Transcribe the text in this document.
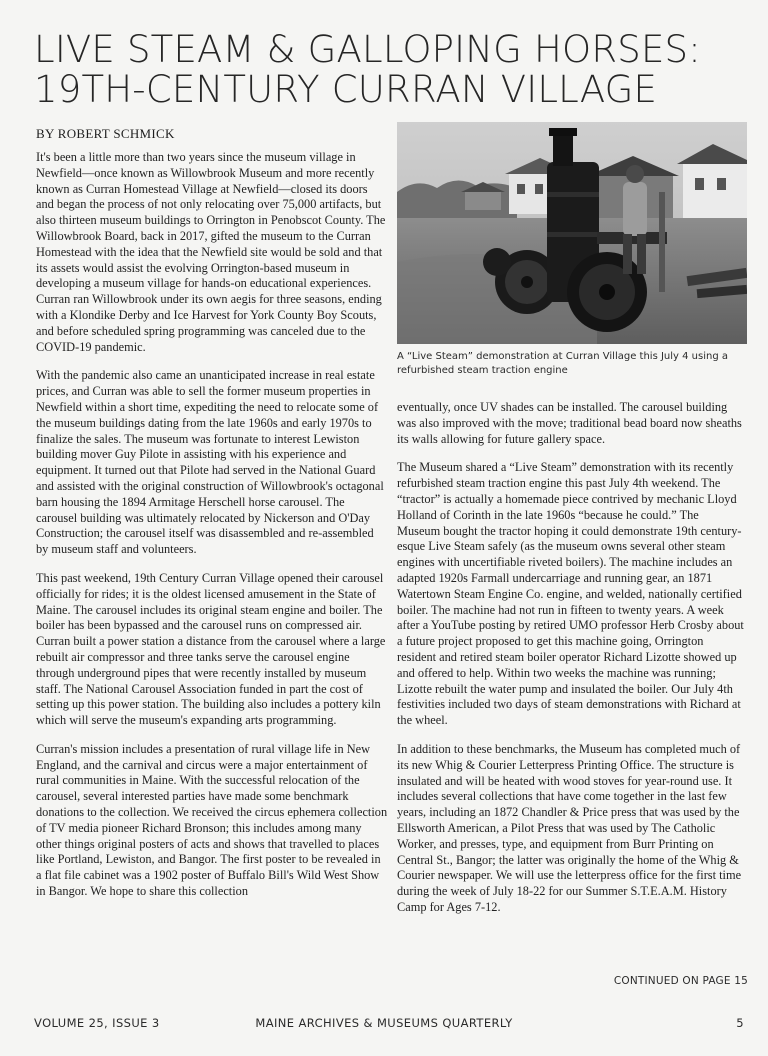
LIVE STEAM & GALLOPING HORSES:
19TH-CENTURY CURRAN VILLAGE
BY ROBERT SCHMICK

It's been a little more than two years since the museum village in Newfield—once known as Willowbrook Museum and more recently known as Curran Homestead Village at Newfield—closed its doors and began the process of not only relocating over 75,000 artifacts, but also thirteen museum buildings to Orrington in Penobscot County. The Willowbrook Board, back in 2017, gifted the museum to the Curran Homestead with the idea that the Newfield site would be sold and that its assets would assist the evolving Orrington-based museum in developing a museum village for hands-on educational experiences. Curran ran Willowbrook under its own aegis for three seasons, ending with a Klondike Derby and Ice Harvest for York County Boy Scouts, and before scheduled spring programming was canceled due to the COVID-19 pandemic.

With the pandemic also came an unanticipated increase in real estate prices, and Curran was able to sell the former museum properties in Newfield within a short time, expediting the need to relocate some of the museum buildings dating from the late 1960s and early 1970s to finalize the sales. The museum was fortunate to interest Lewiston building mover Guy Pilote in assisting with his experience and equipment. It turned out that Pilote had served in the National Guard and assisted with the original construction of Willowbrook's octagonal barn housing the 1894 Armitage Herschell horse carousel. The carousel building was ultimately relocated by Nickerson and O'Day Construction; the carousel itself was disassembled and re-assembled by museum staff and volunteers.

This past weekend, 19th Century Curran Village opened their carousel officially for rides; it is the oldest licensed amusement in the State of Maine. The carousel includes its original steam engine and boiler. The boiler has been bypassed and the carousel runs on compressed air. Curran built a power station a distance from the carousel where a large rebuilt air compressor and three tanks serve the carousel engine through underground pipes that were recently installed by museum staff. The National Carousel Association funded in part the cost of setting up this power station. The building also includes a pottery kiln which will serve the museum's expanding arts programming.

Curran's mission includes a presentation of rural village life in New England, and the carnival and circus were a major entertainment of rural communities in Maine. With the successful relocation of the carousel, several interested parties have made some benchmark donations to the collection. We received the circus ephemera collection of TV media pioneer Richard Bronson; this includes among many other things original posters of acts and shows that travelled to places like Portland, Lewiston, and Bangor. The first poster to be revealed in a flat file cabinet was a 1902 poster of Buffalo Bill's Wild West Show in Bangor. We hope to share this collection

A “Live Steam” demonstration at Curran Village this July 4 using a refurbished steam traction engine

eventually, once UV shades can be installed. The carousel building was also improved with the move; traditional bead board now sheaths its walls allowing for future gallery space.

The Museum shared a “Live Steam” demonstration with its recently refurbished steam traction engine this past July 4th weekend. The “tractor” is actually a homemade piece contrived by mechanic Lloyd Holland of Corinth in the late 1960s “because he could.” The Museum bought the tractor hoping it could demonstrate 19th century-esque Live Steam safely (as the museum owns several other steam engines with uncertifiable riveted boilers). The machine includes an adapted 1920s Farmall undercarriage and running gear, an 1871 Watertown Steam Engine Co. engine, and welded, nationally certified boiler. The machine had not run in fifteen to twenty years. A week after a YouTube posting by retired UMO professor Herb Crosby about a future project proposed to get this machine going, Orrington resident and retired steam boiler operator Richard Lizotte showed up and offered to help. Within two weeks the machine was running; Lizotte rebuilt the water pump and insulated the boiler. Our July 4th festivities included two days of steam demonstrations with Richard at the wheel.

In addition to these benchmarks, the Museum has completed much of its new Whig & Courier Letterpress Printing Office. The structure is insulated and will be heated with wood stoves for year-round use. It includes several collections that have come together in the last few years, including an 1872 Chandler & Price press that was used by the Ellsworth American, a Pilot Press that was used by The Catholic Worker, and presses, type, and equipment from Burr Printing on Central St., Bangor; the latter was originally the home of the Whig & Courier newspaper. We will use the letterpress office for the first time during the week of July 18-22 for our Summer S.T.E.A.M. History Camp for Ages 7-12.

CONTINUED ON PAGE 15
MAINE ARCHIVES & MUSEUMS QUARTERLY
VOLUME 25, ISSUE 3	5
